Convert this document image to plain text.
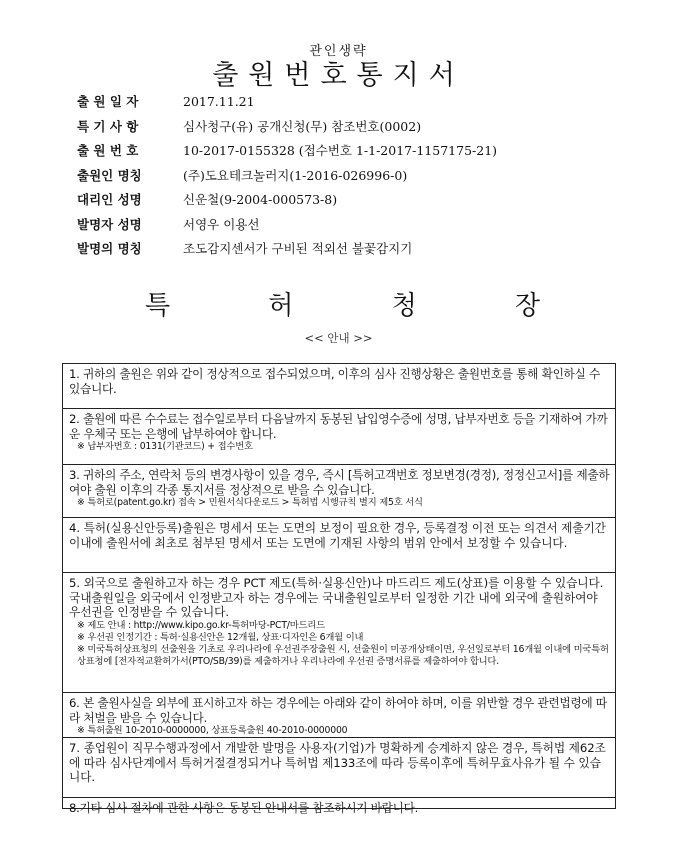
관인생략
출원번호통지서
출 원 일 자	2017.11.21
특 기 사 항	심사청구(유) 공개신청(무) 참조번호(0002)
출 원 번 호	10-2017-0155328 (접수번호 1-1-2017-1157175-21)
출원인 명칭	(주)도요테크놀러지(1-2016-026996-0)
대리인 성명	신운철(9-2004-000573-8)
발명자 성명	서영우 이용선
발명의 명칭	조도감지센서가 구비된 적외선 불꽃감지기
특	허	청	장
<< 안내 >>
1. 귀하의 출원은 위와 같이 정상적으로 접수되었으며, 이후의 심사 진행상황은 출원번호를 통해 확인하실 수 있습니다.
2. 출원에 따른 수수료는 접수일로부터 다음날까지 동봉된 납입영수증에 성명, 납부자번호 등을 기재하여 가까운 우체국 또는 은행에 납부하여야 합니다.
※ 납부자번호 : 0131(기관코드) + 접수번호
3. 귀하의 주소, 연락처 등의 변경사항이 있을 경우, 즉시 [특허고객번호 정보변경(경정), 정정신고서]를 제출하여야 출원 이후의 각종 통지서를 정상적으로 받을 수 있습니다.
※ 특허로(patent.go.kr) 접속 > 민원서식다운로드 > 특허법 시행규칙 별지 제5호 서식
4. 특허(실용신안등록)출원은 명세서 또는 도면의 보정이 필요한 경우, 등록결정 이전 또는 의견서 제출기간 이내에 출원서에 최초로 첨부된 명세서 또는 도면에 기재된 사항의 범위 안에서 보정할 수 있습니다.
5. 외국으로 출원하고자 하는 경우 PCT 제도(특허·실용신안)나 마드리드 제도(상표)를 이용할 수 있습니다. 국내출원일을 외국에서 인정받고자 하는 경우에는 국내출원일로부터 일정한 기간 내에 외국에 출원하여야 우선권을 인정받을 수 있습니다.
※ 제도 안내 : http://www.kipo.go.kr-특허마당-PCT/마드리드
※ 우선권 인정기간 : 특허·실용신안은 12개월, 상표·디자인은 6개월 이내
※ 미국특허상표청의 선출원을 기초로 우리나라에 우선권주장출원 시, 선출원이 미공개상태이면, 우선일로부터 16개월 이내에 미국특허상표청에 [전자적교환허가서(PTO/SB/39)를 제출하거나 우리나라에 우선권 증명서류를 제출하여야 합니다.
6. 본 출원사실을 외부에 표시하고자 하는 경우에는 아래와 같이 하여야 하며, 이를 위반할 경우 관련법령에 따라 처벌을 받을 수 있습니다.
※ 특허출원 10-2010-0000000, 상표등록출원 40-2010-0000000
7. 종업원이 직무수행과정에서 개발한 발명을 사용자(기업)가 명확하게 승계하지 않은 경우, 특허법 제62조에 따라 심사단계에서 특허거절결정되거나 특허법 제133조에 따라 등록이후에 특허무효사유가 될 수 있습니다.
8.기타 심사 절차에 관한 사항은 동봉된 안내서를 참조하시기 바랍니다.
